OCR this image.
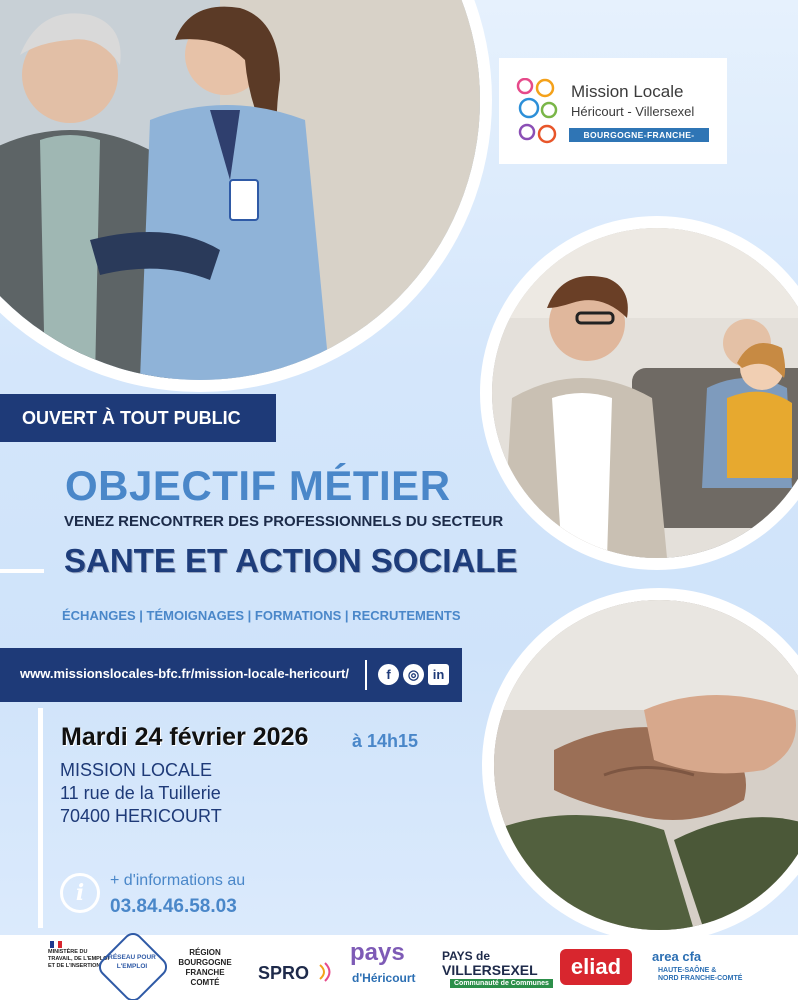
Mission Locale
Héricourt - Villersexel
BOURGOGNE-FRANCHE-COMTE
OUVERT À TOUT PUBLIC
OBJECTIF MÉTIER
VENEZ RENCONTRER DES PROFESSIONNELS DU SECTEUR
SANTE ET ACTION SOCIALE
ÉCHANGES | TÉMOIGNAGES | FORMATIONS | RECRUTEMENTS
www.missionslocales-bfc.fr/mission-locale-hericourt/	f	◎	in
Mardi 24 février 2026 à 14h15
MISSION LOCALE
11 rue de la Tuillerie
70400 HERICOURT
i	+ d'informations au
03.84.46.58.03
MINISTÈRE DU TRAVAIL, DE L'EMPLOI ET DE L'INSERTION
RÉSEAU POUR L'EMPLOI
RÉGION
BOURGOGNE
FRANCHE
COMTÉ	SPRO
pays
d'Héricourt
PAYS de
VILLERSEXEL
Communauté de Communes
eliad	area cfa
HAUTE-SAÔNE &
NORD FRANCHE-COMTÉ
